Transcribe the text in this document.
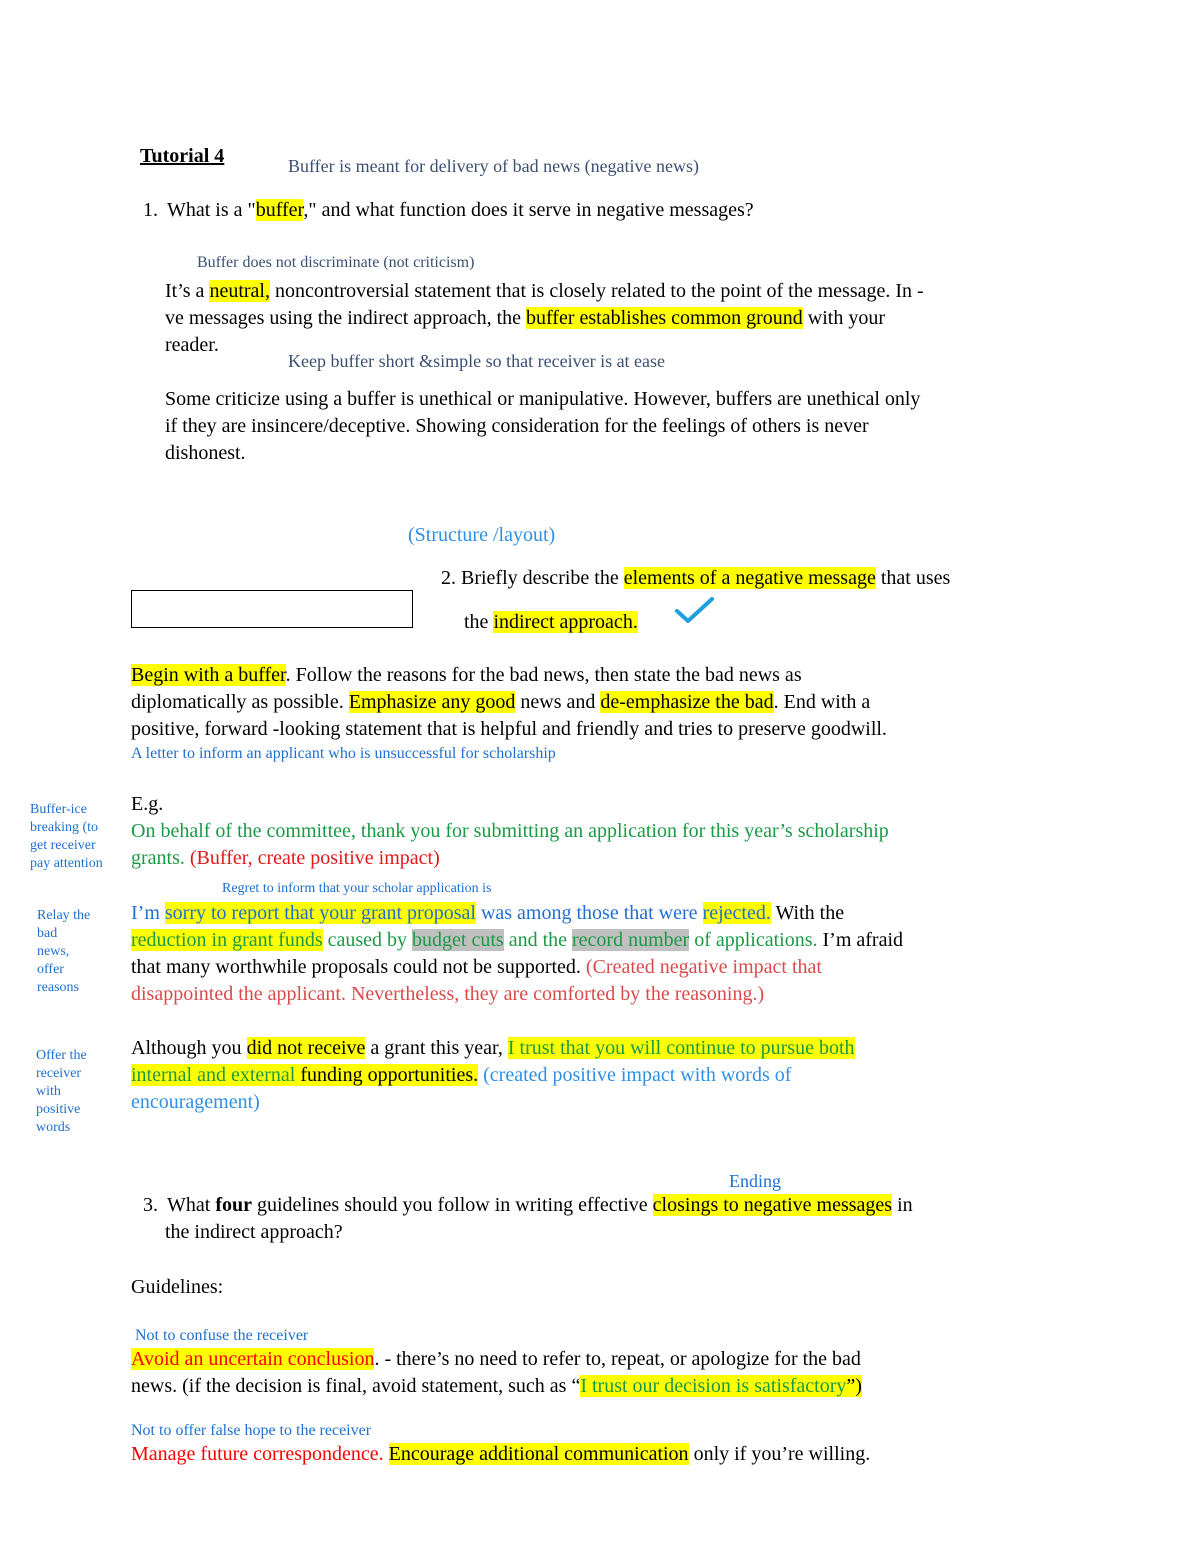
Tutorial 4	Buffer is meant for delivery of bad news (negative news)
1. What is a "buffer," and what function does it serve in negative messages?
Buffer does not discriminate (not criticism)
It’s a neutral, noncontroversial statement that is closely related to the point of the message. In -
ve messages using the indirect approach, the buffer establishes common ground with your
reader.
Keep buffer short &simple so that receiver is at ease
Some criticize using a buffer is unethical or manipulative. However, buffers are unethical only
if they are insincere/deceptive. Showing consideration for the feelings of others is never
dishonest.
(Structure /layout)
2. Briefly describe the elements of a negative message that uses
the indirect approach.
Begin with a buffer. Follow the reasons for the bad news, then state the bad news as
diplomatically as possible. Emphasize any good news and de-emphasize the bad. End with a
positive, forward -looking statement that is helpful and friendly and tries to preserve goodwill.
A letter to inform an applicant who is unsuccessful for scholarship
Buffer-ice
breaking (to
get receiver
pay attention
E.g.
On behalf of the committee, thank you for submitting an application for this year’s scholarship
grants. (Buffer, create positive impact)
Regret to inform that your scholar application is
Relay the
bad
news,
offer
reasons
I’m sorry to report that your grant proposal was among those that were rejected. With the
reduction in grant funds caused by budget cuts and the record number of applications. I’m afraid
that many worthwhile proposals could not be supported. (Created negative impact that
disappointed the applicant. Nevertheless, they are comforted by the reasoning.)
Offer the
receiver
with
positive
words
Although you did not receive a grant this year, I trust that you will continue to pursue both
internal and external funding opportunities. (created positive impact with words of
encouragement)
Ending
3. What four guidelines should you follow in writing effective closings to negative messages in
the indirect approach?
Guidelines:
Not to confuse the receiver
Avoid an uncertain conclusion. - there’s no need to refer to, repeat, or apologize for the bad
news. (if the decision is final, avoid statement, such as “I trust our decision is satisfactory”)
Not to offer false hope to the receiver
Manage future correspondence. Encourage additional communication only if you’re willing.
